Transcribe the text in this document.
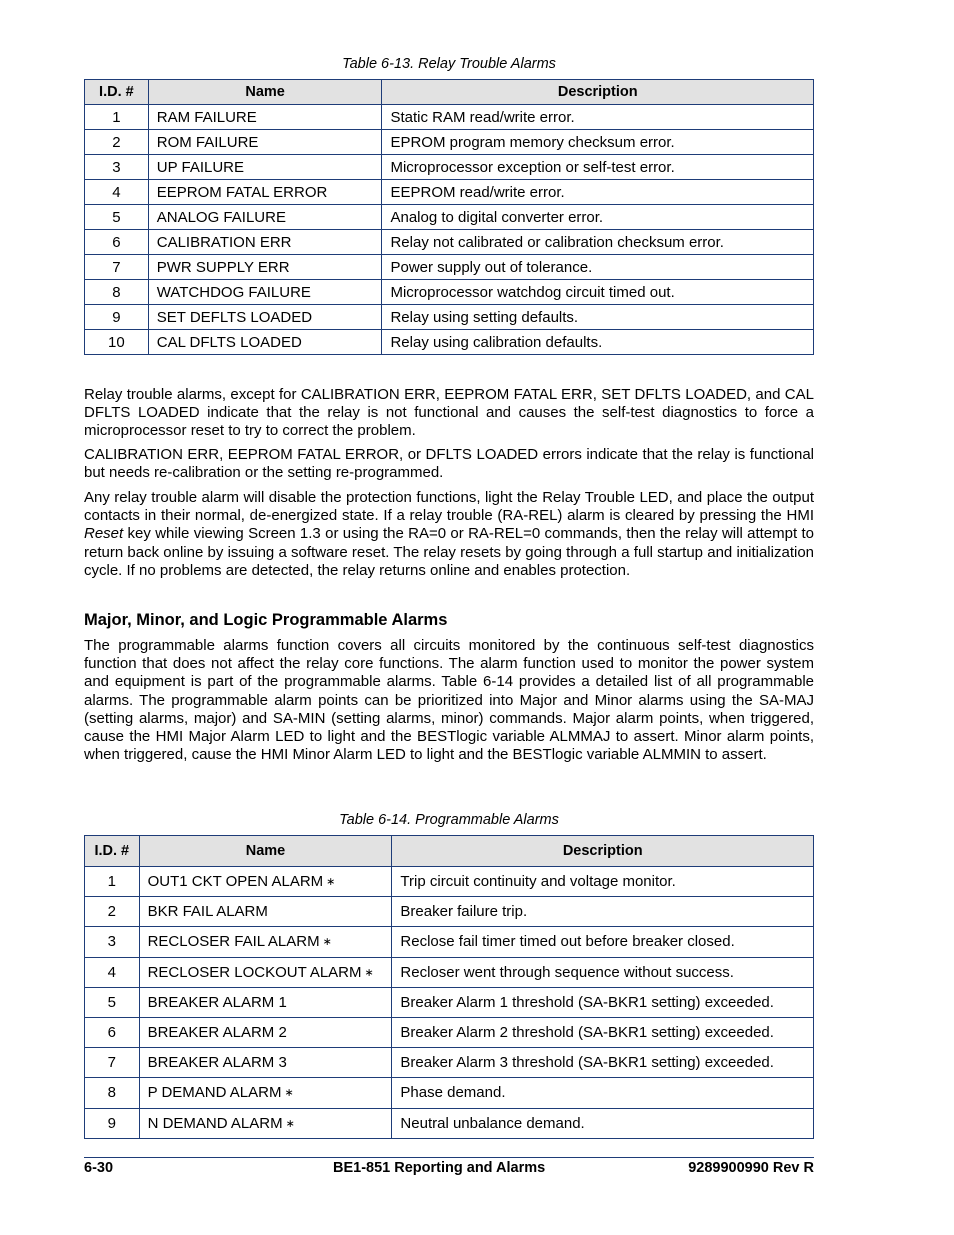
Table 6-13. Relay Trouble Alarms
I.D. #	Name	Description
1	RAM FAILURE	Static RAM read/write error.
2	ROM FAILURE	EPROM program memory checksum error.
3	UP FAILURE	Microprocessor exception or self-test error.
4	EEPROM FATAL ERROR	EEPROM read/write error.
5	ANALOG FAILURE	Analog to digital converter error.
6	CALIBRATION ERR	Relay not calibrated or calibration checksum error.
7	PWR SUPPLY ERR	Power supply out of tolerance.
8	WATCHDOG FAILURE	Microprocessor watchdog circuit timed out.
9	SET DEFLTS LOADED	Relay using setting defaults.
10	CAL DFLTS LOADED	Relay using calibration defaults.

Relay trouble alarms, except for CALIBRATION ERR, EEPROM FATAL ERR, SET DFLTS LOADED, and CAL DFLTS LOADED indicate that the relay is not functional and causes the self-test diagnostics to force a microprocessor reset to try to correct the problem.

CALIBRATION ERR, EEPROM FATAL ERROR, or DFLTS LOADED errors indicate that the relay is functional but needs re-calibration or the setting re-programmed.

Any relay trouble alarm will disable the protection functions, light the Relay Trouble LED, and place the output contacts in their normal, de-energized state. If a relay trouble (RA-REL) alarm is cleared by pressing the HMI Reset key while viewing Screen 1.3 or using the RA=0 or RA-REL=0 commands, then the relay will attempt to return back online by issuing a software reset. The relay resets by going through a full startup and initialization cycle. If no problems are detected, the relay returns online and enables protection.

Major, Minor, and Logic Programmable Alarms

The programmable alarms function covers all circuits monitored by the continuous self-test diagnostics function that does not affect the relay core functions. The alarm function used to monitor the power system and equipment is part of the programmable alarms. Table 6-14 provides a detailed list of all programmable alarms. The programmable alarm points can be prioritized into Major and Minor alarms using the SA-MAJ (setting alarms, major) and SA-MIN (setting alarms, minor) commands. Major alarm points, when triggered, cause the HMI Major Alarm LED to light and the BESTlogic variable ALMMAJ to assert. Minor alarm points, when triggered, cause the HMI Minor Alarm LED to light and the BESTlogic variable ALMMIN to assert.

Table 6-14. Programmable Alarms
I.D. #	Name	Description
1	OUT1 CKT OPEN ALARM ∗	Trip circuit continuity and voltage monitor.
2	BKR FAIL ALARM	Breaker failure trip.
3	RECLOSER FAIL ALARM ∗	Reclose fail timer timed out before breaker closed.
4	RECLOSER LOCKOUT ALARM ∗	Recloser went through sequence without success.
5	BREAKER ALARM 1	Breaker Alarm 1 threshold (SA-BKR1 setting) exceeded.
6	BREAKER ALARM 2	Breaker Alarm 2 threshold (SA-BKR1 setting) exceeded.
7	BREAKER ALARM 3	Breaker Alarm 3 threshold (SA-BKR1 setting) exceeded.
8	P DEMAND ALARM ∗	Phase demand.
9	N DEMAND ALARM ∗	Neutral unbalance demand.
6-30	BE1-851 Reporting and Alarms	9289900990 Rev R
